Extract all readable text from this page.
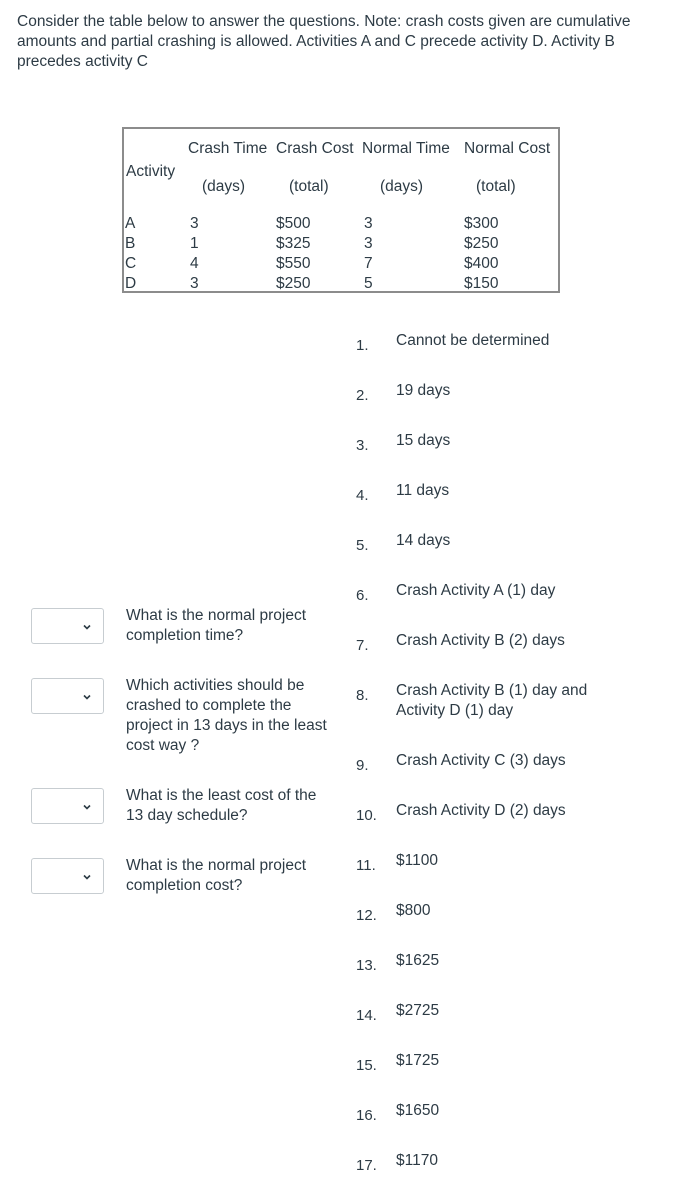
Consider the table below to answer the questions. Note: crash costs given are cumulative amounts and partial crashing is allowed. Activities A and C precede activity D. Activity B precedes activity C
Crash Time Crash Cost Normal Time Normal Cost
Activity
(days)	(total)	(days)	(total)
A	3	$500	3	$300
B	1	$325	3	$250
C	4	$550	7	$400
D	3	$250	5	$150
What is the normal project completion time?
Which activities should be crashed to complete the project in 13 days in the least cost way ?
What is the least cost of the 13 day schedule?
What is the normal project completion cost?
1. Cannot be determined
2. 19 days
3. 15 days
4. 11 days
5. 14 days
6. Crash Activity A (1) day
7. Crash Activity B (2) days
8. Crash Activity B (1) day and Activity D (1) day
9. Crash Activity C (3) days
10. Crash Activity D (2) days
11. $1100
12. $800
13. $1625
14. $2725
15. $1725
16. $1650
17. $1170
